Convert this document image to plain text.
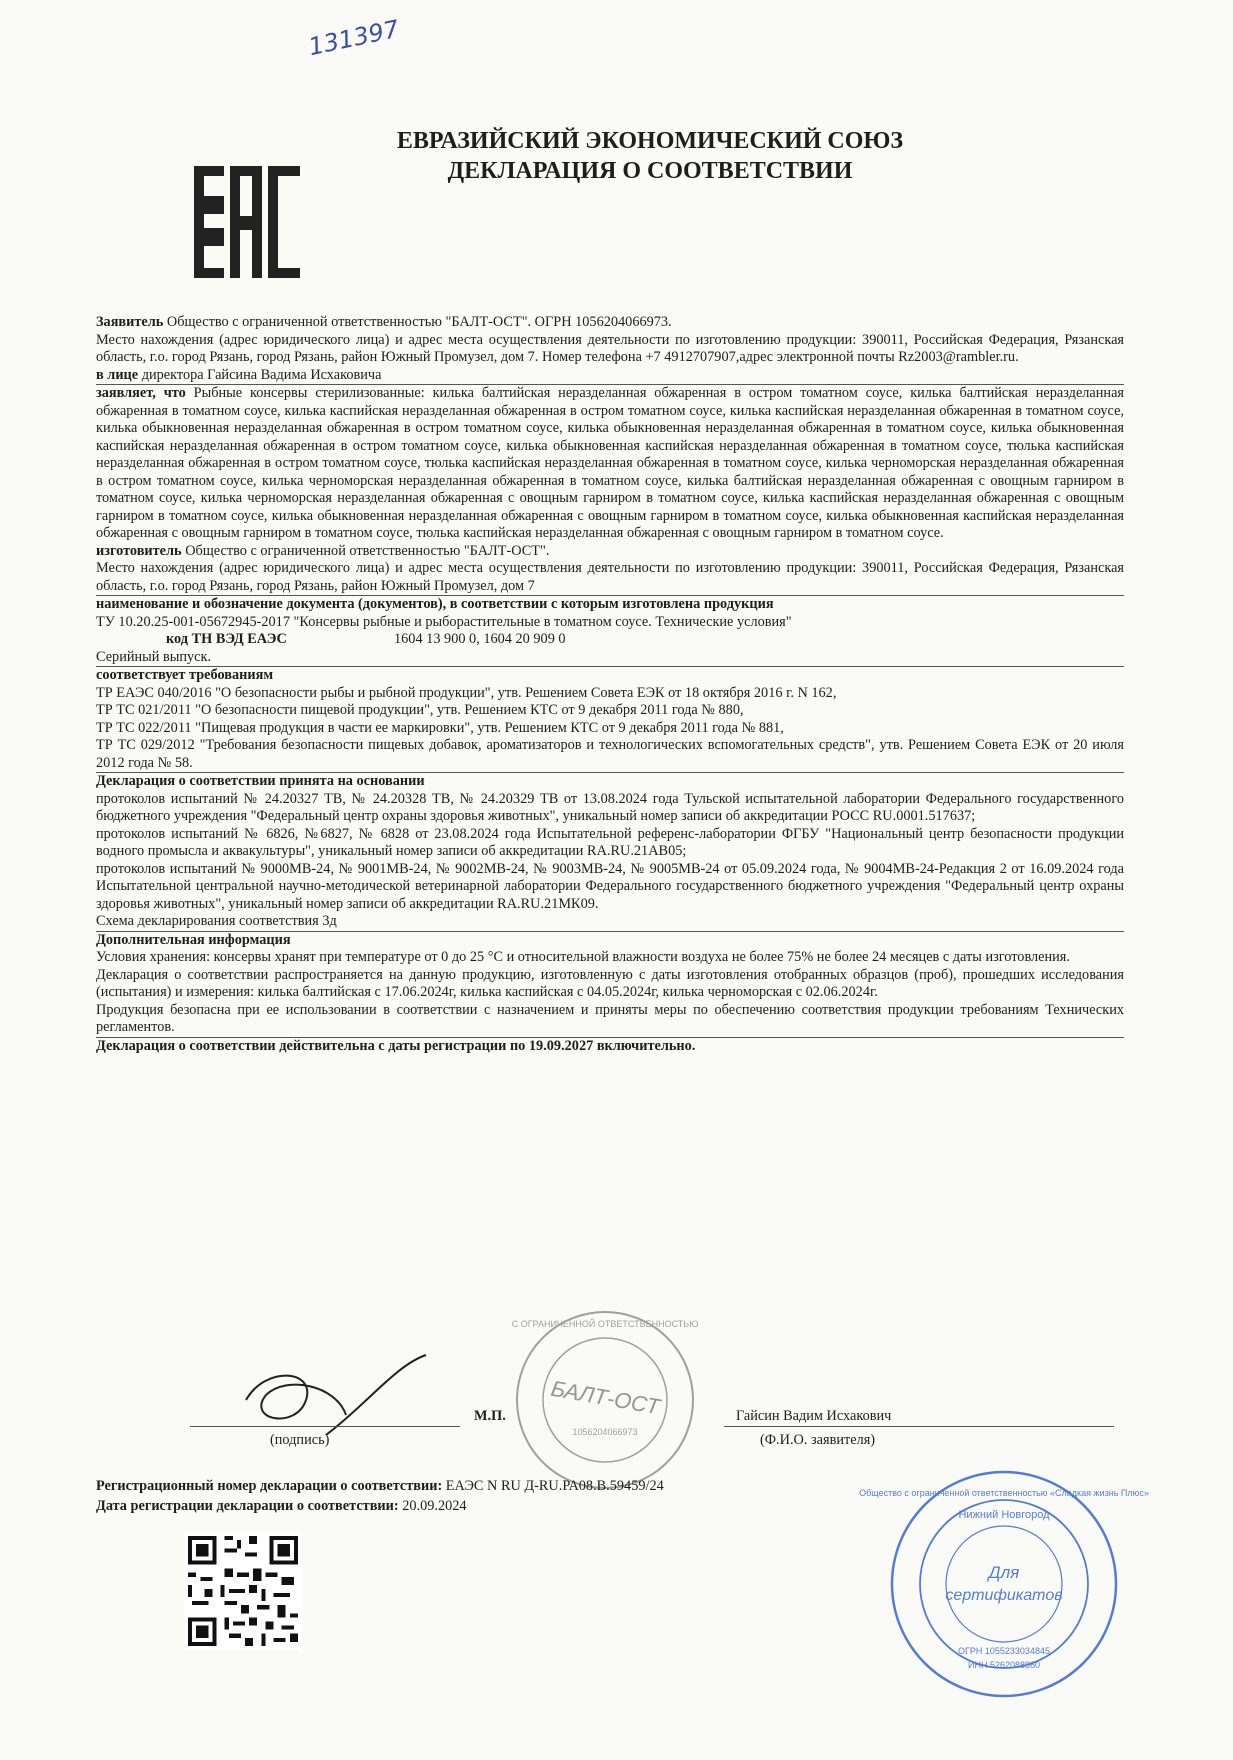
131397
ЕВРАЗИЙСКИЙ ЭКОНОМИЧЕСКИЙ СОЮЗ
ДЕКЛАРАЦИЯ О СООТВЕТСТВИИ

Заявитель Общество с ограниченной ответственностью "БАЛТ-ОСТ". ОГРН 1056204066973.

Место нахождения (адрес юридического лица) и адрес места осуществления деятельности по изготовлению продукции: 390011, Российская Федерация, Рязанская область, г.о. город Рязань, город Рязань, район Южный Промузел, дом 7. Номер телефона +7 4912707907,адрес электронной почты Rz2003@rambler.ru.

в лице директора Гайсина Вадима Исхаковича

заявляет, что Рыбные консервы стерилизованные: килька балтийская неразделанная обжаренная в остром томатном соусе, килька балтийская неразделанная обжаренная в томатном соусе, килька каспийская неразделанная обжаренная в остром томатном соусе, килька каспийская неразделанная обжаренная в томатном соусе, килька обыкновенная неразделанная обжаренная в остром томатном соусе, килька обыкновенная неразделанная обжаренная в томатном соусе, килька обыкновенная каспийская неразделанная обжаренная в остром томатном соусе, килька обыкновенная каспийская неразделанная обжаренная в томатном соусе, тюлька каспийская неразделанная обжаренная в остром томатном соусе, тюлька каспийская неразделанная обжаренная в томатном соусе, килька черноморская неразделанная обжаренная в остром томатном соусе, килька черноморская неразделанная обжаренная в томатном соусе, килька балтийская неразделанная обжаренная с овощным гарниром в томатном соусе, килька черноморская неразделанная обжаренная с овощным гарниром в томатном соусе, килька каспийская неразделанная обжаренная с овощным гарниром в томатном соусе, килька обыкновенная неразделанная обжаренная с овощным гарниром в томатном соусе, килька обыкновенная каспийская неразделанная обжаренная с овощным гарниром в томатном соусе, тюлька каспийская неразделанная обжаренная с овощным гарниром в томатном соусе.

изготовитель Общество с ограниченной ответственностью "БАЛТ-ОСТ".

Место нахождения (адрес юридического лица) и адрес места осуществления деятельности по изготовлению продукции: 390011, Российская Федерация, Рязанская область, г.о. город Рязань, город Рязань, район Южный Промузел, дом 7

наименование и обозначение документа (документов), в соответствии с которым изготовлена продукция

ТУ 10.20.25-001-05672945-2017 "Консервы рыбные и рыборастительные в томатном соусе. Технические условия"

код ТН ВЭД ЕАЭС	1604 13 900 0, 1604 20 909 0

Серийный выпуск.

соответствует требованиям

ТР ЕАЭС 040/2016 "О безопасности рыбы и рыбной продукции", утв. Решением Совета ЕЭК от 18 октября 2016 г. N 162,

ТР ТС 021/2011 "О безопасности пищевой продукции", утв. Решением КТС от 9 декабря 2011 года № 880,

ТР ТС 022/2011 "Пищевая продукция в части ее маркировки", утв. Решением КТС от 9 декабря 2011 года № 881,

ТР ТС 029/2012 "Требования безопасности пищевых добавок, ароматизаторов и технологических вспомогательных средств", утв. Решением Совета ЕЭК от 20 июля 2012 года № 58.

Декларация о соответствии принята на основании

протоколов испытаний № 24.20327 ТВ, № 24.20328 ТВ, № 24.20329 ТВ от 13.08.2024 года Тульской испытательной лаборатории Федерального государственного бюджетного учреждения "Федеральный центр охраны здоровья животных", уникальный номер записи об аккредитации РОСС RU.0001.517637;

протоколов испытаний № 6826, №6827, № 6828 от 23.08.2024 года Испытательной референс-лаборатории ФГБУ "Национальный центр безопасности продукции водного промысла и аквакультуры", уникальный номер записи об аккредитации RA.RU.21АВ05;

протоколов испытаний № 9000МВ-24, № 9001МВ-24, № 9002МВ-24, № 9003МВ-24, № 9005МВ-24 от 05.09.2024 года, № 9004МВ-24-Редакция 2 от 16.09.2024 года Испытательной центральной научно-методической ветеринарной лаборатории Федерального государственного бюджетного учреждения "Федеральный центр охраны здоровья животных", уникальный номер записи об аккредитации RA.RU.21МК09.

Схема декларирования соответствия 3д

Дополнительная информация

Условия хранения: консервы хранят при температуре от 0 до 25 °С и относительной влажности воздуха не более 75% не более 24 месяцев с даты изготовления.

Декларация о соответствии распространяется на данную продукцию, изготовленную с даты изготовления отобранных образцов (проб), прошедших исследования (испытания) и измерения: килька балтийская с 17.06.2024г, килька каспийская с 04.05.2024г, килька черноморская с 02.06.2024г.

Продукция безопасна при ее использовании в соответствии с назначением и приняты меры по обеспечению соответствия продукции требованиям Технических регламентов.

Декларация о соответствии действительна с даты регистрации по 19.09.2027 включительно.

БАЛТ-ОСТ
1056204066973
С ОГРАНИЧЕННОЙ ОТВЕТСТВЕННОСТЬЮ
(подпись)
М.П.	Гайсин Вадим Исхакович
(Ф.И.О. заявителя)
Регистрационный номер декларации о соответствии: ЕАЭС N RU Д-RU.РА08.В.59459/24
Дата регистрации декларации о соответствии: 20.09.2024
Общество с ограниченной ответственностью «Сладкая жизнь Плюс»
Нижний Новгород
Для
сертификатов
ОГРН 1055233034845
ИНН 5262088860
